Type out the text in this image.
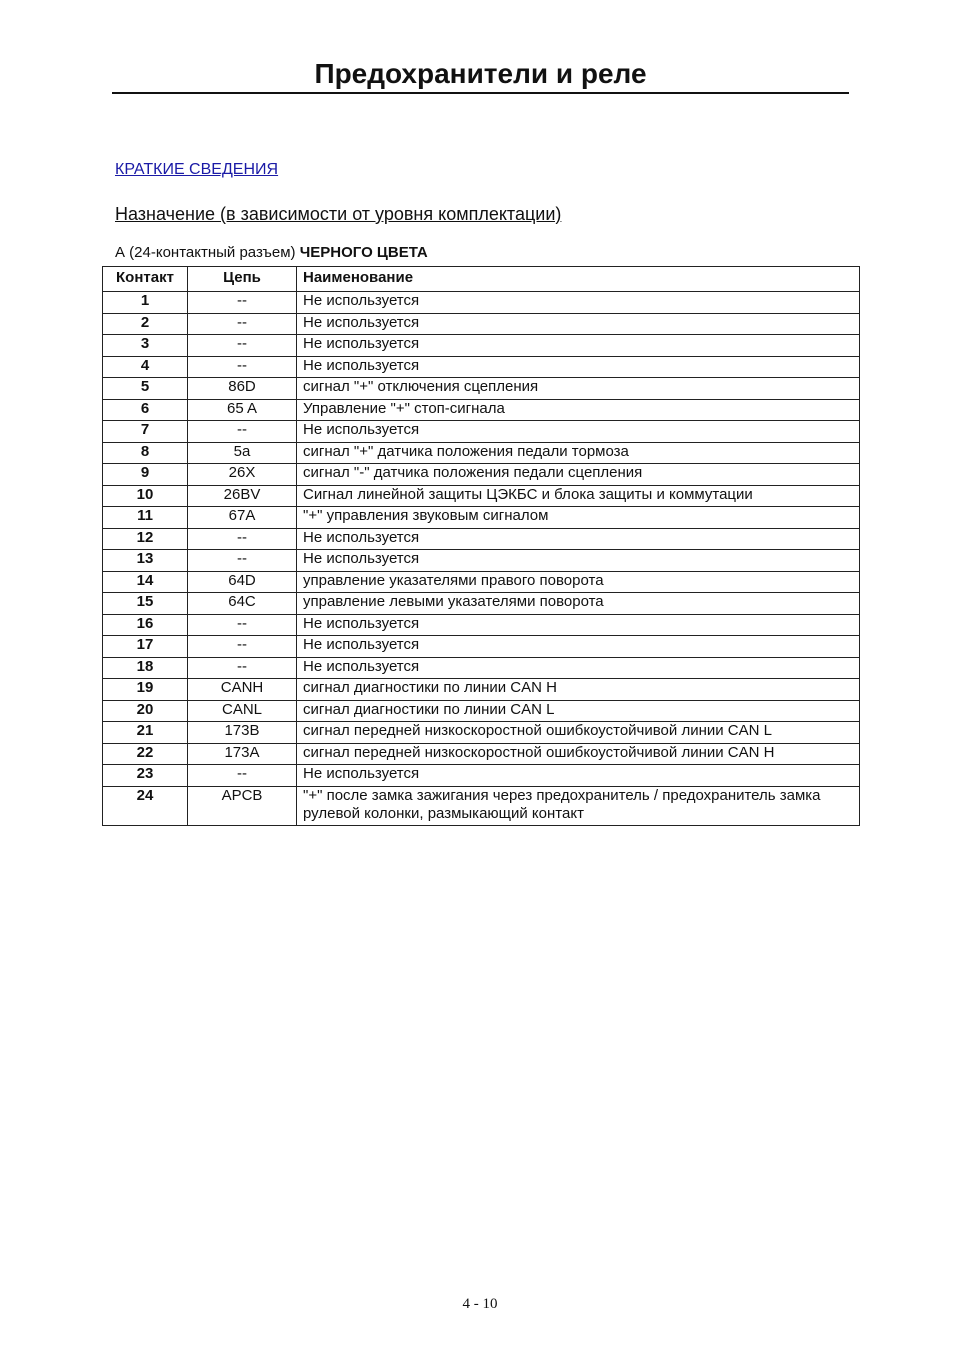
Предохранители и реле
КРАТКИЕ СВЕДЕНИЯ
Назначение (в зависимости от уровня комплектации)
А (24-контактный разъем) ЧЕРНОГО ЦВЕТА
Контакт	Цепь	Наименование
1	--	Не используется
2	--	Не используется
3	--	Не используется
4	--	Не используется
5	86D	сигнал "+" отключения сцепления
6	65 A	Управление "+" стоп-сигнала
7	--	Не используется
8	5a	сигнал "+" датчика положения педали тормоза
9	26X	сигнал "-" датчика положения педали сцепления
10	26BV	Сигнал линейной защиты ЦЭКБС и блока защиты и коммутации
11	67A	"+" управления звуковым сигналом
12	--	Не используется
13	--	Не используется
14	64D	управление указателями правого поворота
15	64C	управление левыми указателями поворота
16	--	Не используется
17	--	Не используется
18	--	Не используется
19	CANH	сигнал диагностики по линии CAN H
20	CANL	сигнал диагностики по линии CAN L
21	173B	сигнал передней низкоскоростной ошибкоустойчивой линии CAN L
22	173A	сигнал передней низкоскоростной ошибкоустойчивой линии CAN H
23	--	Не используется
24	APCB	"+" после замка зажигания через предохранитель / предохранитель замка рулевой колонки, размыкающий контакт
4 - 10
